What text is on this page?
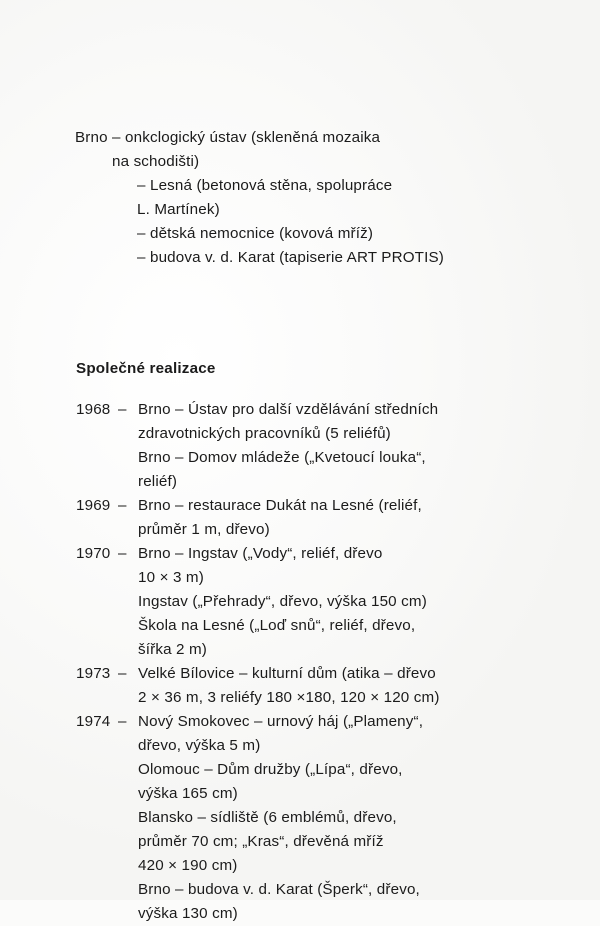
Brno – onkclogický ústav (skleněná mozaika
na schodišti)
– Lesná (betonová stěna, spolupráce
L. Martínek)
– dětská nemocnice (kovová mříž)
– budova v. d. Karat (tapiserie ART PROTIS)
Společné realizace
1968 – Brno – Ústav pro další vzdělávání středních
zdravotnických pracovníků (5 reliéfů)
Brno – Domov mládeže („Kvetoucí louka“,
reliéf)
1969 – Brno – restaurace Dukát na Lesné (reliéf,
průměr 1 m, dřevo)
1970 – Brno – Ingstav („Vody“, reliéf, dřevo
10 × 3 m)
Ingstav („Přehrady“, dřevo, výška 150 cm)
Škola na Lesné („Loď snů“, reliéf, dřevo,
šířka 2 m)
1973 – Velké Bílovice – kulturní dům (atika – dřevo
2 × 36 m, 3 reliéfy 180 ×180, 120 × 120 cm)
1974 – Nový Smokovec – urnový háj („Plameny“,
dřevo, výška 5 m)
Olomouc – Dům družby („Lípa“, dřevo,
výška 165 cm)
Blansko – sídliště (6 emblémů, dřevo,
průměr 70 cm; „Kras“, dřevěná mříž
420 × 190 cm)
Brno – budova v. d. Karat (Šperk“, dřevo,
výška 130 cm)
